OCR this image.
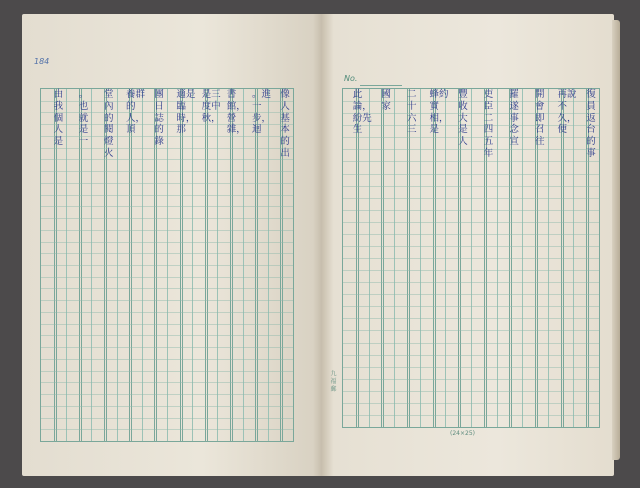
184
像人基本的出
。進一步，迴
書館，營雜，
是三度中秋，
適是臨時，那
團日誌的錄
養群的人，頂
堂內的閱燈火
。也就是一
由我個人是
No.
復員返台的事
再說不久，便
開會即召往
羅遂事念宣
吏臣二四五年
豐收大是人
蜂約實相，是
二十六三
國家
此論，紛先生
(24×25)
九 福 郵
